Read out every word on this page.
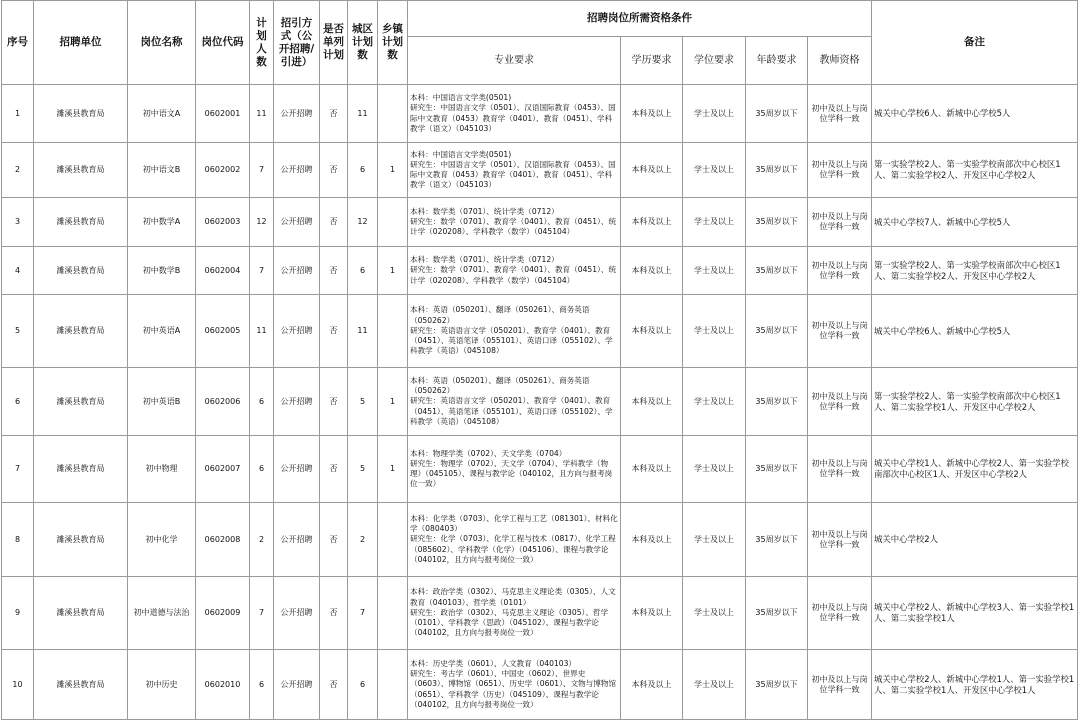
序号	招聘单位	岗位名称	岗位代码	计划人数	招引方式（公开招聘/引进）	是否单列计划	城区计划数	乡镇计划数	招聘岗位所需资格条件					备注
									专业要求	学历要求	学位要求	年龄要求	教师资格	
1	濉溪县教育局	初中语文A	0602001	11	公开招聘	否	11		本科：中国语言文学类(0501)
研究生：中国语言文学（0501）、汉语国际教育（0453）、国际中文教育（0453）教育学（0401）、教育（0451）、学科教学（语文）（045103）	本科及以上	学士及以上	35周岁以下	初中及以上与岗位学科一致	城关中心学校6人、新城中心学校5人
2	濉溪县教育局	初中语文B	0602002	7	公开招聘	否	6	1	本科：中国语言文学类(0501)
研究生：中国语言文学（0501）、汉语国际教育（0453）、国际中文教育（0453）教育学（0401）、教育（0451）、学科教学（语文）（045103）	本科及以上	学士及以上	35周岁以下	初中及以上与岗位学科一致	第一实验学校2人、第一实验学校南部次中心校区1人、第二实验学校2人、开发区中心学校2人
3	濉溪县教育局	初中数学A	0602003	12	公开招聘	否	12		本科：数学类（0701）、统计学类（0712）
研究生：数学（0701）、教育学（0401）、教育（0451）、统计学（020208）、学科教学（数学）（045104）	本科及以上	学士及以上	35周岁以下	初中及以上与岗位学科一致	城关中心学校7人、新城中心学校5人
4	濉溪县教育局	初中数学B	0602004	7	公开招聘	否	6	1	本科：数学类（0701）、统计学类（0712）
研究生：数学（0701）、教育学（0401）、教育（0451）、统计学（020208）、学科教学（数学）（045104）	本科及以上	学士及以上	35周岁以下	初中及以上与岗位学科一致	第一实验学校2人、第一实验学校南部次中心校区1人、第二实验学校2人、开发区中心学校2人
5	濉溪县教育局	初中英语A	0602005	11	公开招聘	否	11		本科：英语（050201）、翻译（050261）、商务英语（050262）
研究生：英语语言文学（050201）、教育学（0401）、教育（0451）、英语笔译（055101）、英语口译（055102）、学科教学（英语）（045108）	本科及以上	学士及以上	35周岁以下	初中及以上与岗位学科一致	城关中心学校6人、新城中心学校5人
6	濉溪县教育局	初中英语B	0602006	6	公开招聘	否	5	1	本科：英语（050201）、翻译（050261）、商务英语（050262）
研究生：英语语言文学（050201）、教育学（0401）、教育（0451）、英语笔译（055101）、英语口译（055102）、学科教学（英语）（045108）	本科及以上	学士及以上	35周岁以下	初中及以上与岗位学科一致	第一实验学校2人、第一实验学校南部次中心校区1人、第二实验学校1人、开发区中心学校2人
7	濉溪县教育局	初中物理	0602007	6	公开招聘	否	5	1	本科：物理学类（0702）、天文学类（0704）
研究生：物理学（0702）、天文学（0704）、学科教学（物理）（045105）、课程与教学论（040102，且方向与报考岗位一致）	本科及以上	学士及以上	35周岁以下	初中及以上与岗位学科一致	城关中心学校1人、新城中心学校2人、第一实验学校南部次中心校区1人、开发区中心学校2人
8	濉溪县教育局	初中化学	0602008	2	公开招聘	否	2		本科：化学类（0703）、化学工程与工艺（081301）、材料化学（080403）
研究生：化学（0703）、化学工程与技术（0817）、化学工程（085602）、学科教学（化学）（045106）、课程与教学论（040102，且方向与报考岗位一致）	本科及以上	学士及以上	35周岁以下	初中及以上与岗位学科一致	城关中心学校2人
9	濉溪县教育局	初中道德与法治	0602009	7	公开招聘	否	7		本科：政治学类（0302）、马克思主义理论类（0305）、人文教育（040103）、哲学类（0101）
研究生：政治学（0302）、马克思主义理论（0305）、哲学（0101）、学科教学（思政）（045102）、课程与教学论（040102，且方向与报考岗位一致）	本科及以上	学士及以上	35周岁以下	初中及以上与岗位学科一致	城关中心学校2人、新城中心学校3人、第一实验学校1人、第二实验学校1人
10	濉溪县教育局	初中历史	0602010	6	公开招聘	否	6		本科：历史学类（0601）、人文教育（040103）
研究生：考古学（0601）、中国史（0602）、世界史（0603）、博物馆（0651）、历史学（0601）、文物与博物馆（0651）、学科教学（历史）（045109）、课程与教学论（040102，且方向与报考岗位一致）	本科及以上	学士及以上	35周岁以下	初中及以上与岗位学科一致	城关中心学校2人、新城中心学校1人、第一实验学校1人、第二实验学校1人、开发区中心学校1人
